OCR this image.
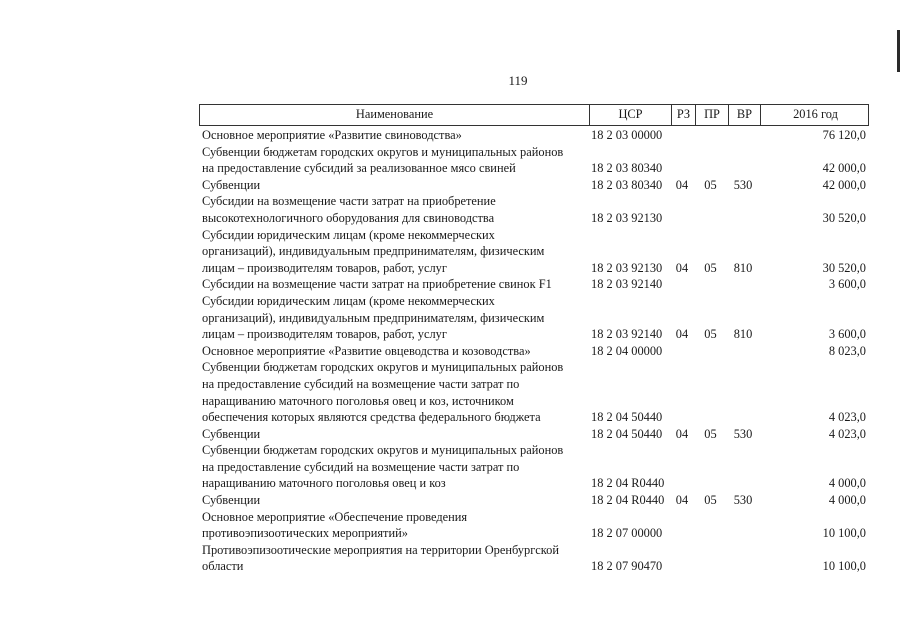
119
Наименование	ЦСР	РЗ	ПР	ВР	2016 год
Основное мероприятие «Развитие свиноводства»	18 2 03 00000	76 120,0
Субвенции бюджетам городских округов и муниципальных районов
на предоставление субсидий за реализованное мясо свиней	18 2 03 80340	42 000,0
Субвенции	18 2 03 80340	04	05	530	42 000,0
Субсидии на возмещение части затрат на приобретение
высокотехнологичного оборудования для свиноводства	18 2 03 92130	30 520,0
Субсидии юридическим лицам (кроме некоммерческих
организаций), индивидуальным предпринимателям, физическим
лицам – производителям товаров, работ, услуг	18 2 03 92130	04	05	810	30 520,0
Субсидии на возмещение части затрат на приобретение свинок F1	18 2 03 92140	3 600,0
Субсидии юридическим лицам (кроме некоммерческих
организаций), индивидуальным предпринимателям, физическим
лицам – производителям товаров, работ, услуг	18 2 03 92140	04	05	810	3 600,0
Основное мероприятие «Развитие овцеводства и козоводства»	18 2 04 00000	8 023,0
Субвенции бюджетам городских округов и муниципальных районов
на предоставление субсидий на возмещение части затрат по
наращиванию маточного поголовья овец и коз, источником
обеспечения которых являются средства федерального бюджета	18 2 04 50440	4 023,0
Субвенции	18 2 04 50440	04	05	530	4 023,0
Субвенции бюджетам городских округов и муниципальных районов
на предоставление субсидий на возмещение части затрат по
наращиванию маточного поголовья овец и коз	18 2 04 R0440	4 000,0
Субвенции	18 2 04 R0440 04	05	530	4 000,0
Основное мероприятие «Обеспечение проведения
противоэпизоотических мероприятий»	18 2 07 00000	10 100,0
Противоэпизоотические мероприятия на территории Оренбургской
области	18 2 07 90470	10 100,0
